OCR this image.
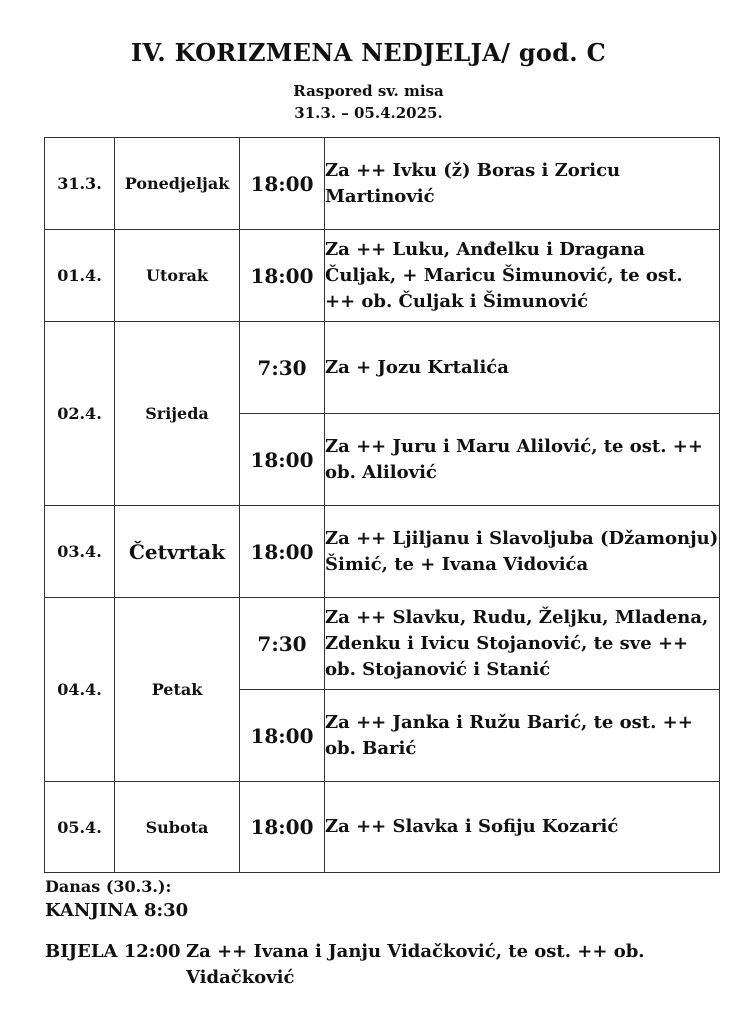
IV. KORIZMENA NEDJELJA/ god. C
Raspored sv. misa
31.3. – 05.4.2025.
31.3.	Ponedjeljak	18:00	Za ++ Ivku (ž) Boras i Zoricu Martinović
01.4.	Utorak	18:00	Za ++ Luku, Anđelku i Dragana Čuljak, + Maricu Šimunović, te ost. ++ ob. Čuljak i Šimunović
02.4.	Srijeda	7:30	Za + Jozu Krtalića
		18:00	Za ++ Juru i Maru Alilović, te ost. ++ ob. Alilović
03.4.	Četvrtak	18:00	Za ++ Ljiljanu i Slavoljuba (Džamonju) Šimić, te + Ivana Vidovića
04.4.	Petak	7:30	Za ++ Slavku, Rudu, Željku, Mladena, Zdenku i Ivicu Stojanović, te sve ++ ob. Stojanović i Stanić
		18:00	Za ++ Janka i Ružu Barić, te ost. ++ ob. Barić
05.4.	Subota	18:00	Za ++ Slavka i Sofiju Kozarić
Danas (30.3.):
KANJINA 8:30
BIJELA 12:00 Za ++ Ivana i Janju Vidačković, te ost. ++ ob. Vidačković
